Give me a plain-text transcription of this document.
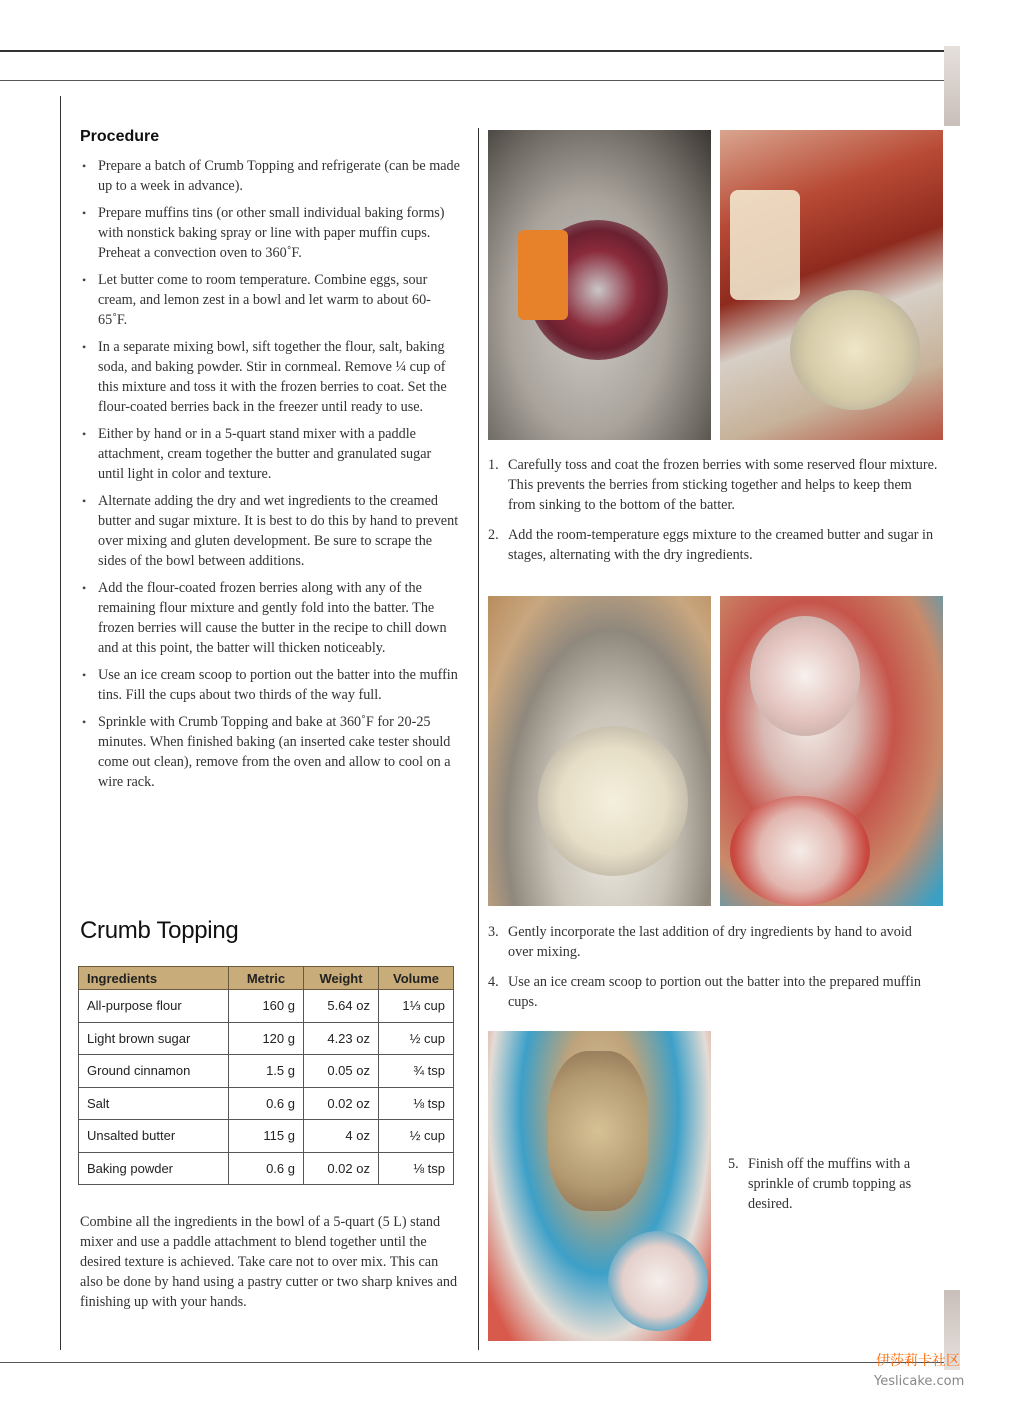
Procedure
• Prepare a batch of Crumb Topping and refrigerate (can be made up to a week in advance).
• Prepare muffins tins (or other small individual baking forms) with nonstick baking spray or line with paper muffin cups. Preheat a convection oven to 360˚F.
• Let butter come to room temperature. Combine eggs, sour cream, and lemon zest in a bowl and let warm to about 60-65˚F.
• In a separate mixing bowl, sift together the flour, salt, baking soda, and baking powder. Stir in cornmeal. Remove ¼ cup of this mixture and toss it with the frozen berries to coat. Set the flour-coated berries back in the freezer until ready to use.
• Either by hand or in a 5-quart stand mixer with a paddle attachment, cream together the butter and granulated sugar until light in color and texture.
• Alternate adding the dry and wet ingredients to the creamed butter and sugar mixture. It is best to do this by hand to prevent over mixing and gluten development. Be sure to scrape the sides of the bowl between additions.
• Add the flour-coated frozen berries along with any of the remaining flour mixture and gently fold into the batter. The frozen berries will cause the butter in the recipe to chill down and at this point, the batter will thicken noticeably.
• Use an ice cream scoop to portion out the batter into the muffin tins. Fill the cups about two thirds of the way full.
• Sprinkle with Crumb Topping and bake at 360˚F for 20-25 minutes. When finished baking (an inserted cake tester should come out clean), remove from the oven and allow to cool on a wire rack.
Crumb Topping
Ingredients	Metric	Weight	Volume
All-purpose flour	160 g	5.64 oz	1⅓ cup
Light brown sugar	120 g	4.23 oz	½ cup
Ground cinnamon	1.5 g	0.05 oz	¾ tsp
Salt	0.6 g	0.02 oz	⅛ tsp
Unsalted butter	115 g	4 oz	½ cup
Baking powder	0.6 g	0.02 oz	⅛ tsp
Combine all the ingredients in the bowl of a 5-quart (5 L) stand mixer and use a paddle attachment to blend together until the desired texture is achieved. Take care not to over mix. This can also be done by hand using a pastry cutter or two sharp knives and finishing up with your hands.
1. Carefully toss and coat the frozen berries with some reserved flour mixture. This prevents the berries from sticking together and helps to keep them from sinking to the bottom of the batter.
2. Add the room-temperature eggs mixture to the creamed butter and sugar in stages, alternating with the dry ingredients.
3. Gently incorporate the last addition of dry ingredients by hand to avoid over mixing.
4. Use an ice cream scoop to portion out the batter into the prepared muffin cups.
5. Finish off the muffins with a sprinkle of crumb topping as desired.
伊莎莉卡社区
Yeslicake.com
